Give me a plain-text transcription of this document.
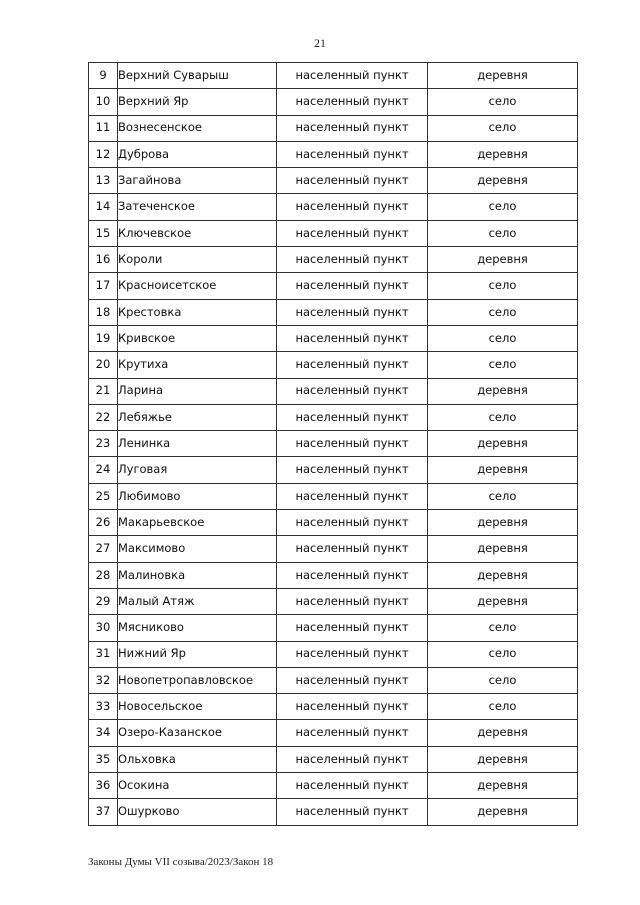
21
9	Верхний Суварыш	населенный пункт	деревня
10	Верхний Яр	населенный пункт	село
11	Вознесенское	населенный пункт	село
12	Дуброва	населенный пункт	деревня
13	Загайнова	населенный пункт	деревня
14	Затеченское	населенный пункт	село
15	Ключевское	населенный пункт	село
16	Короли	населенный пункт	деревня
17	Красноисетское	населенный пункт	село
18	Крестовка	населенный пункт	село
19	Кривское	населенный пункт	село
20	Крутиха	населенный пункт	село
21	Ларина	населенный пункт	деревня
22	Лебяжье	населенный пункт	село
23	Ленинка	населенный пункт	деревня
24	Луговая	населенный пункт	деревня
25	Любимово	населенный пункт	село
26	Макарьевское	населенный пункт	деревня
27	Максимово	населенный пункт	деревня
28	Малиновка	населенный пункт	деревня
29	Малый Атяж	населенный пункт	деревня
30	Мясниково	населенный пункт	село
31	Нижний Яр	населенный пункт	село
32	Новопетропавловское	населенный пункт	село
33	Новосельское	населенный пункт	село
34	Озеро-Казанское	населенный пункт	деревня
35	Ольховка	населенный пункт	деревня
36	Осокина	населенный пункт	деревня
37	Ошурково	населенный пункт	деревня
Законы Думы VII созыва/2023/Закон 18
